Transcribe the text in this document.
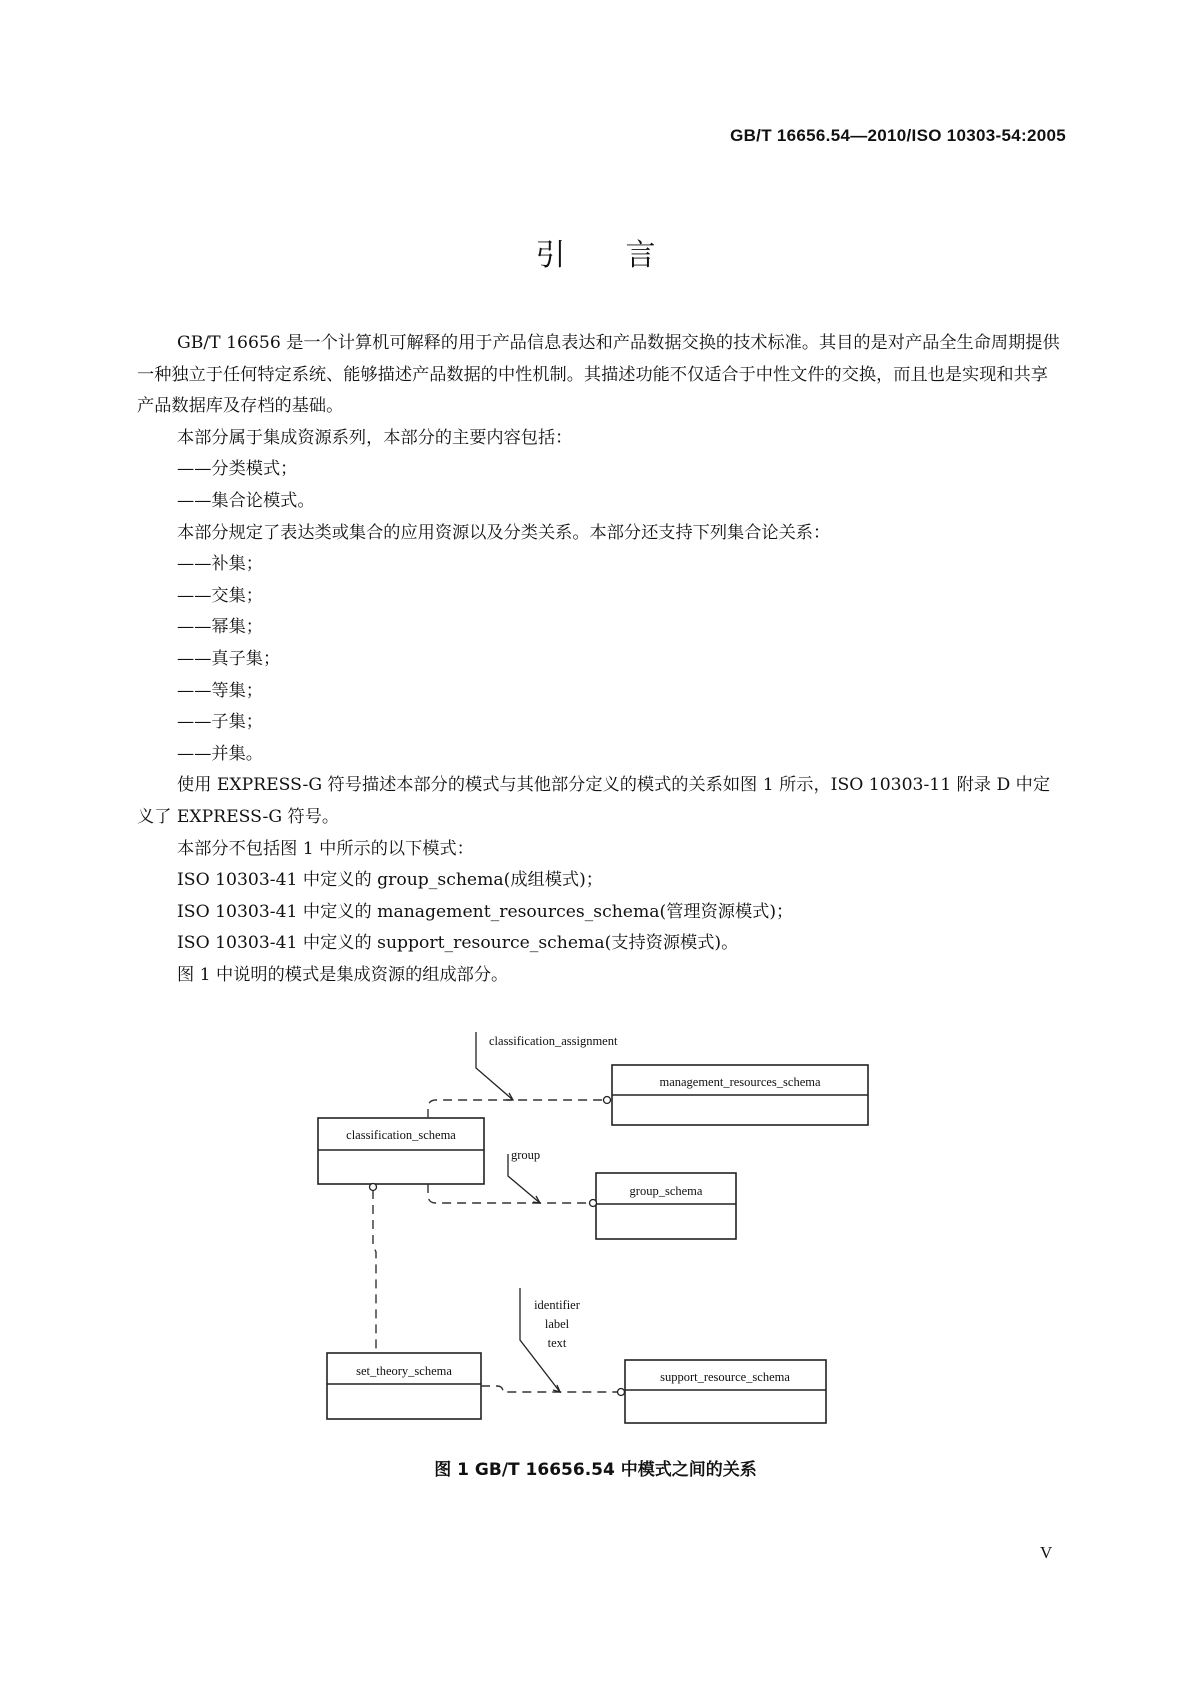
GB/T 16656.54—2010/ISO 10303-54:2005
引言

GB/T 16656 是一个计算机可解释的用于产品信息表达和产品数据交换的技术标准。其目的是对产品全生命周期提供一种独立于任何特定系统、能够描述产品数据的中性机制。其描述功能不仅适合于中性文件的交换，而且也是实现和共享产品数据库及存档的基础。

本部分属于集成资源系列，本部分的主要内容包括：

——分类模式；

——集合论模式。

本部分规定了表达类或集合的应用资源以及分类关系。本部分还支持下列集合论关系：

——补集；

——交集；

——幂集；

——真子集；

——等集；

——子集；

——并集。

使用 EXPRESS-G 符号描述本部分的模式与其他部分定义的模式的关系如图 1 所示，ISO 10303-11 附录 D 中定义了 EXPRESS-G 符号。

本部分不包括图 1 中所示的以下模式：

ISO 10303-41 中定义的 group_schema(成组模式)；

ISO 10303-41 中定义的 management_resources_schema(管理资源模式)；

ISO 10303-41 中定义的 support_resource_schema(支持资源模式)。

图 1 中说明的模式是集成资源的组成部分。

classification_schema
management_resources_schema
group_schema
set_theory_schema	support_resource_schema
classification_assignment
group
identifier
label
text
图 1 GB/T 16656.54 中模式之间的关系
V
